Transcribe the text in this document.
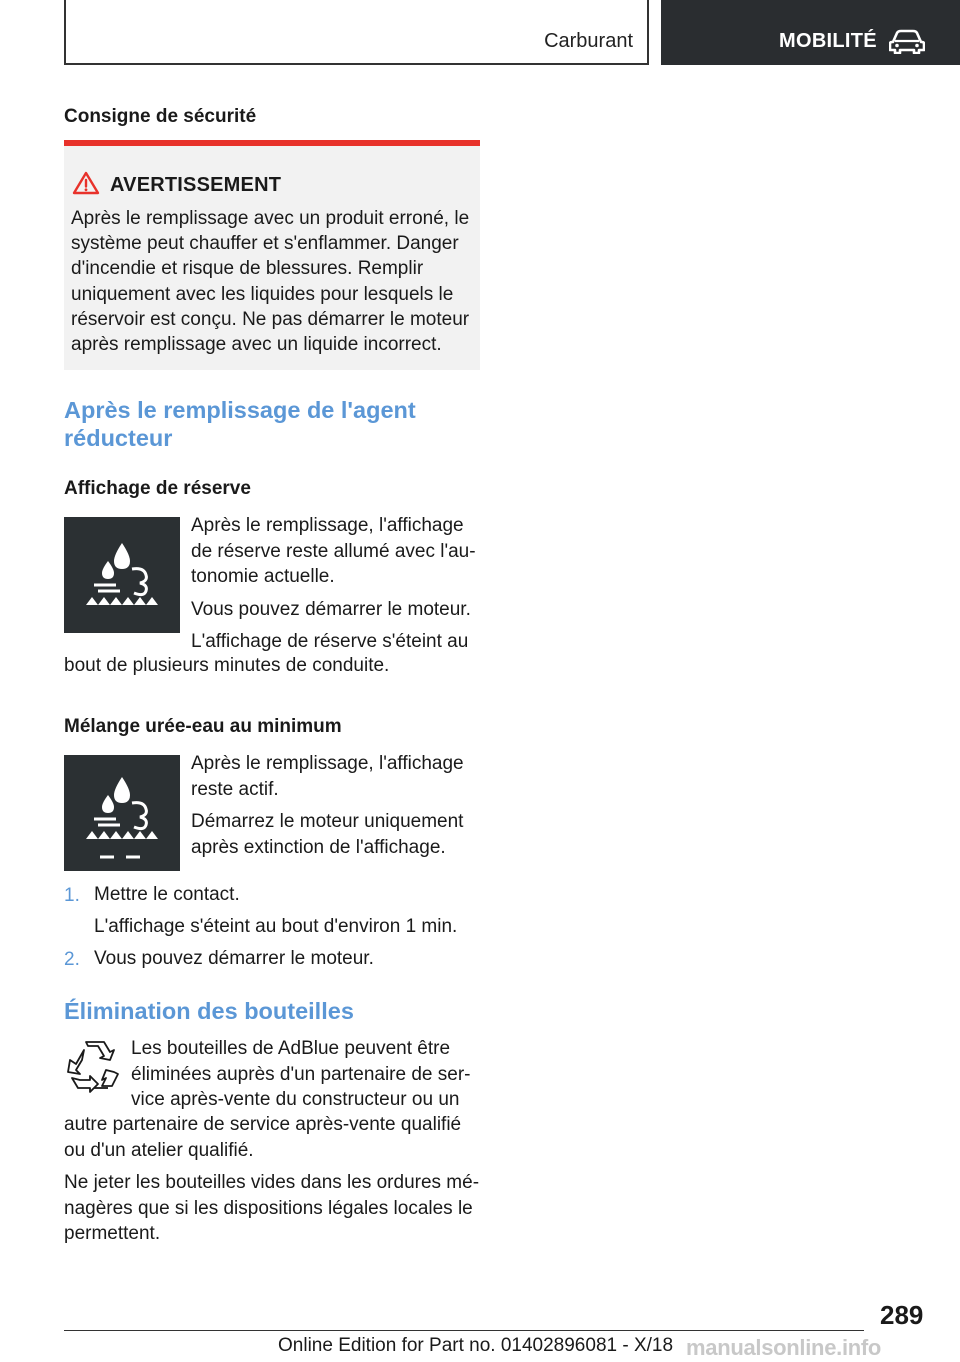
Carburant	MOBILITÉ
Consigne de sécurité
AVERTISSEMENT
Après le remplissage avec un produit erroné, le système peut chauffer et s'enflammer. Danger d'incendie et risque de blessures. Remplir uniquement avec les liquides pour lesquels le réservoir est conçu. Ne pas démarrer le moteur après remplissage avec un liquide incorrect.
Après le remplissage de l'agent
réducteur
Affichage de réserve
Après le remplissage, l'affichage
de réserve reste allumé avec l'au-
tonomie actuelle.
Vous pouvez démarrer le moteur.
L'affichage de réserve s'éteint au
bout de plusieurs minutes de conduite.
Mélange urée-eau au minimum
Après le remplissage, l'affichage
reste actif.
Démarrez le moteur uniquement
après extinction de l'affichage.
1. Mettre le contact.
L'affichage s'éteint au bout d'environ 1 min.
2. Vous pouvez démarrer le moteur.
Élimination des bouteilles
Les bouteilles de AdBlue peuvent être
éliminées auprès d'un partenaire de ser-
vice après-vente du constructeur ou un
autre partenaire de service après-vente qualifié
ou d'un atelier qualifié.
Ne jeter les bouteilles vides dans les ordures mé-
nagères que si les dispositions légales locales le
permettent.
289
Online Edition for Part no. 01402896081 - X/18 manualsonline.info
